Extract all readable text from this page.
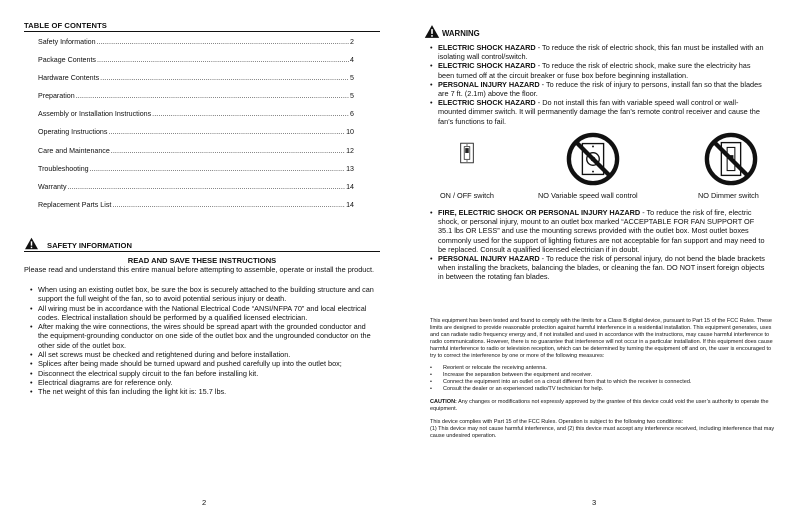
TABLE OF CONTENTS
Safety Information .....	2
Package Contents .....	4
Hardware Contents .....	5
Preparation .....	5
Assembly or Installation Instructions .....	6
Operating Instructions .....	10
Care and Maintenance .....	12
Troubleshooting .....	13
Warranty .....	14
Replacement Parts List .....	14
SAFETY INFORMATION
READ AND SAVE THESE INSTRUCTIONS

Please read and understand this entire manual before attempting to assemble, operate or install the product.

• When using an existing outlet box, be sure the box is securely attached to the building structure and can support the full weight of the fan, so to avoid potential serious injury or death.
• All wiring must be in accordance with the National Electrical Code “ANSI/NFPA 70” and local electrical codes. Electrical installation should be performed by a qualified licensed electrician.
• After making the wire connections, the wires should be spread apart with the grounded conductor and the equipment-grounding conductor on one side of the outlet box and the ungrounded conductor on the other side of the outlet box.
• All set screws must be checked and retightened during and before installation.
• Splices after being made should be turned upward and pushed carefully up into the outlet box;
• Disconnect the electrical supply circuit to the fan before installing kit.
• Electrical diagrams are for reference only.
• The net weight of this fan including the light kit is: 15.7 lbs.
2
WARNING
• ELECTRIC SHOCK HAZARD - To reduce the risk of electric shock, this fan must be installed with an isolating wall control/switch.
• ELECTRIC SHOCK HAZARD - To reduce the risk of electric shock, make sure the electricity has been turned off at the circuit breaker or fuse box before beginning installation.
• PERSONAL INJURY HAZARD - To reduce the risk of injury to persons, install fan so that the blades are 7 ft. (2.1m) above the floor.
• ELECTRIC SHOCK HAZARD - Do not install this fan with variable speed wall control or wall-mounted dimmer switch. It will permanently damage the fan’s remote control receiver and cause the fan’s functions to fail.
ON / OFF switch	NO Variable speed wall control	NO Dimmer switch
• FIRE, ELECTRIC SHOCK OR PERSONAL INJURY HAZARD - To reduce the risk of fire, electric shock, or personal injury, mount to an outlet box marked “ACCEPTABLE FOR FAN SUPPORT OF 35.1 lbs OR LESS” and use the mounting screws provided with the outlet box. Most outlet boxes commonly used for the support of lighting fixtures are not acceptable for fan support and may need to be replaced. Consult a qualified licensed electrician if in doubt.
• PERSONAL INJURY HAZARD - To reduce the risk of personal injury, do not bend the blade brackets when installing the brackets, balancing the blades, or cleaning the fan. DO NOT insert foreign objects in between the rotating fan blades.

This equipment has been tested and found to comply with the limits for a Class B digital device, pursuant to Part 15 of the FCC Rules. These limits are designed to provide reasonable protection against harmful interference in a residential installation. This equipment generates, uses and can radiate radio frequency energy and, if not installed and used in accordance with the instructions, may cause harmful interference to radio communications. However, there is no guarantee that interference will not occur in a particular installation. If this equipment does cause harmful interference to radio or television reception, which can be determined by turning the equipment off and on, the user is encouraged to try to correct the interference by one or more of the following measures:

• Reorient or relocate the receiving antenna.
• Increase the separation between the equipment and receiver.
• Connect the equipment into an outlet on a circuit different from that to which the receiver is connected.
• Consult the dealer or an experienced radio/TV technician for help.

CAUTION: Any changes or modifications not expressly approved by the grantee of this device could void the user’s authority to operate the equipment.

This device complies with Part 15 of the FCC Rules. Operation is subject to the following two conditions:

(1) This device may not cause harmful interference, and (2) this device must accept any interference received, including interference that may cause undesired operation.

3
